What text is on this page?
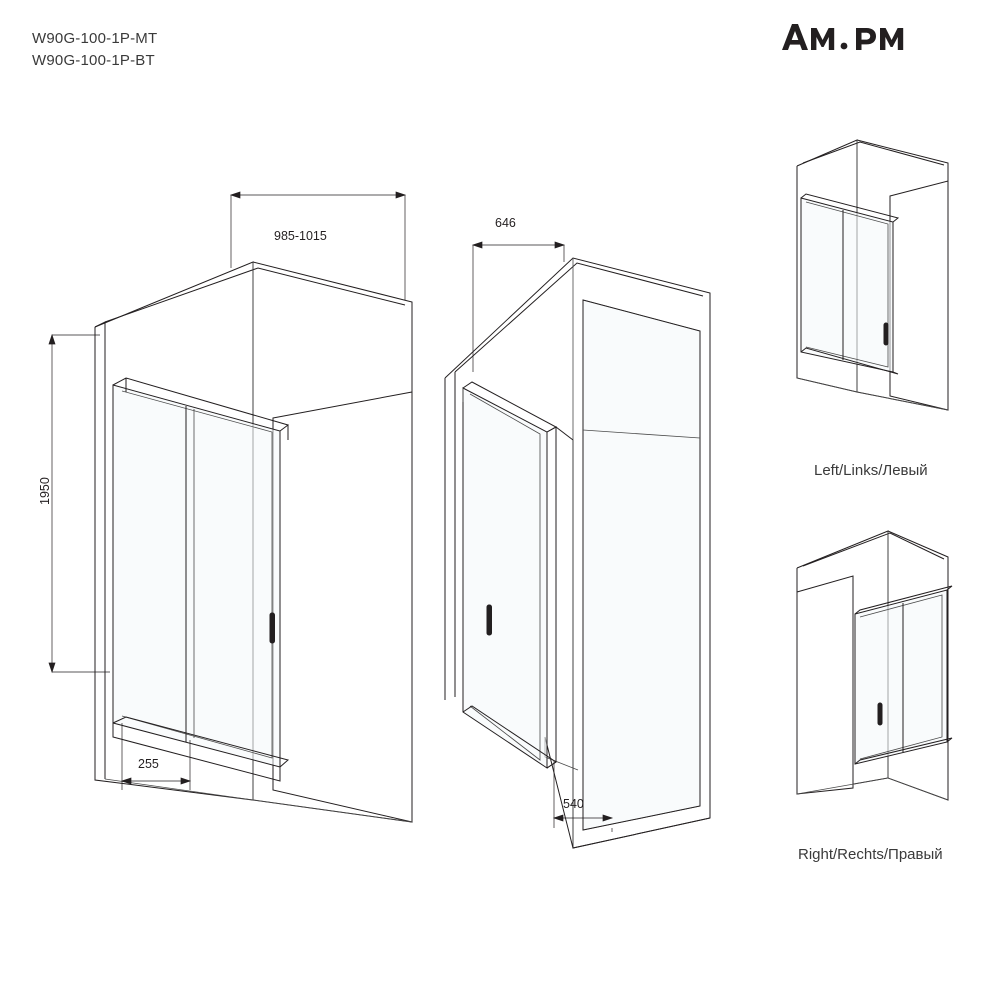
W90G-100-1P-MT
W90G-100-1P-BT
985-1015
646
1950
255
540
Left/Links/Левый
Right/Rechts/Правый
